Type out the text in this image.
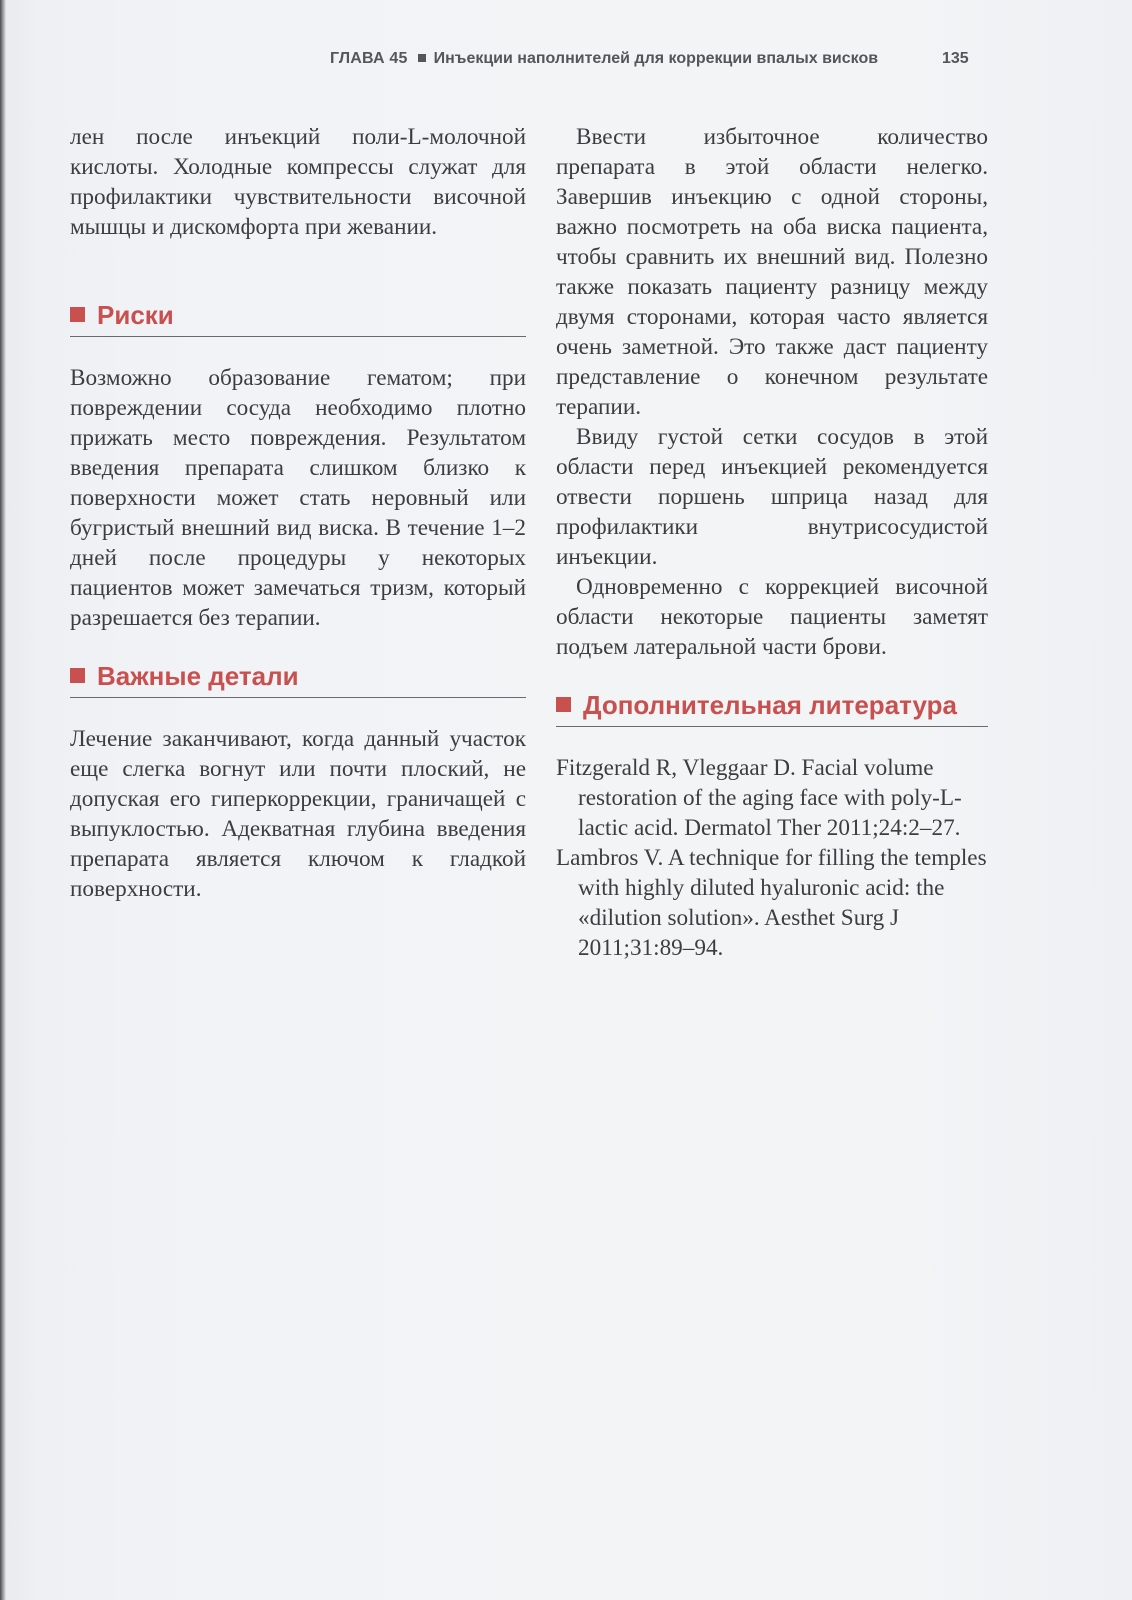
ГЛАВА 45 Инъекции наполнителей для коррекции впалых висков	135

лен после инъекций поли-L-молочной кислоты. Холодные компрессы служат для профилактики чувствительности височной мышцы и дискомфорта при жевании.

Риски

Возможно образование гематом; при повреждении сосуда необходимо плотно прижать место повреждения. Результатом введения препарата слишком близко к поверхности может стать неровный или бугристый внешний вид виска. В течение 1–2 дней после процедуры у некоторых пациентов может замечаться тризм, который разрешается без терапии.

Важные детали

Лечение заканчивают, когда данный участок еще слегка вогнут или почти плоский, не допуская его гиперкоррекции, граничащей с выпуклостью. Адекватная глубина введения препарата является ключом к гладкой поверхности.

Ввести избыточное количество препарата в этой области нелегко. Завершив инъекцию с одной стороны, важно посмотреть на оба виска пациента, чтобы сравнить их внешний вид. Полезно также показать пациенту разницу между двумя сторонами, которая часто является очень заметной. Это также даст пациенту представление о конечном результате терапии.

Ввиду густой сетки сосудов в этой области перед инъекцией рекомендуется отвести поршень шприца назад для профилактики внутрисосудистой инъекции.

Одновременно с коррекцией височной области некоторые пациенты заметят подъем латеральной части брови.

Дополнительная литература

Fitzgerald R, Vleggaar D. Facial volume restoration of the aging face with poly-L-lactic acid. Dermatol Ther 2011;24:2–27.

Lambros V. A technique for filling the temples with highly diluted hyaluronic acid: the «dilution solution». Aesthet Surg J 2011;31:89–94.
